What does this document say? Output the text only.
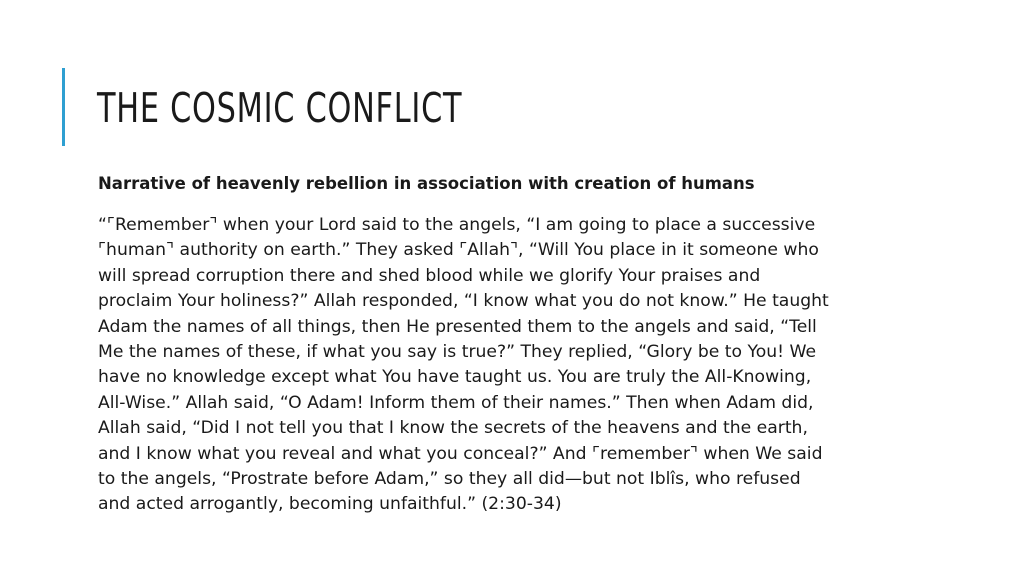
THE COSMIC CONFLICT

Narrative of heavenly rebellion in association with creation of humans

“⌜Remember⌝ when your Lord said to the angels, “I am going to place a successive
⌜human⌝ authority on earth.” They asked ⌜Allah⌝, “Will You place in it someone who
will spread corruption there and shed blood while we glorify Your praises and
proclaim Your holiness?” Allah responded, “I know what you do not know.” He taught
Adam the names of all things, then He presented them to the angels and said, “Tell
Me the names of these, if what you say is true?” They replied, “Glory be to You! We
have no knowledge except what You have taught us. You are truly the All-Knowing,
All-Wise.” Allah said, “O Adam! Inform them of their names.” Then when Adam did,
Allah said, “Did I not tell you that I know the secrets of the heavens and the earth,
and I know what you reveal and what you conceal?” And ⌜remember⌝ when We said
to the angels, “Prostrate before Adam,” so they all did—but not Iblîs, who refused
and acted arrogantly, becoming unfaithful.” (2:30-34)
